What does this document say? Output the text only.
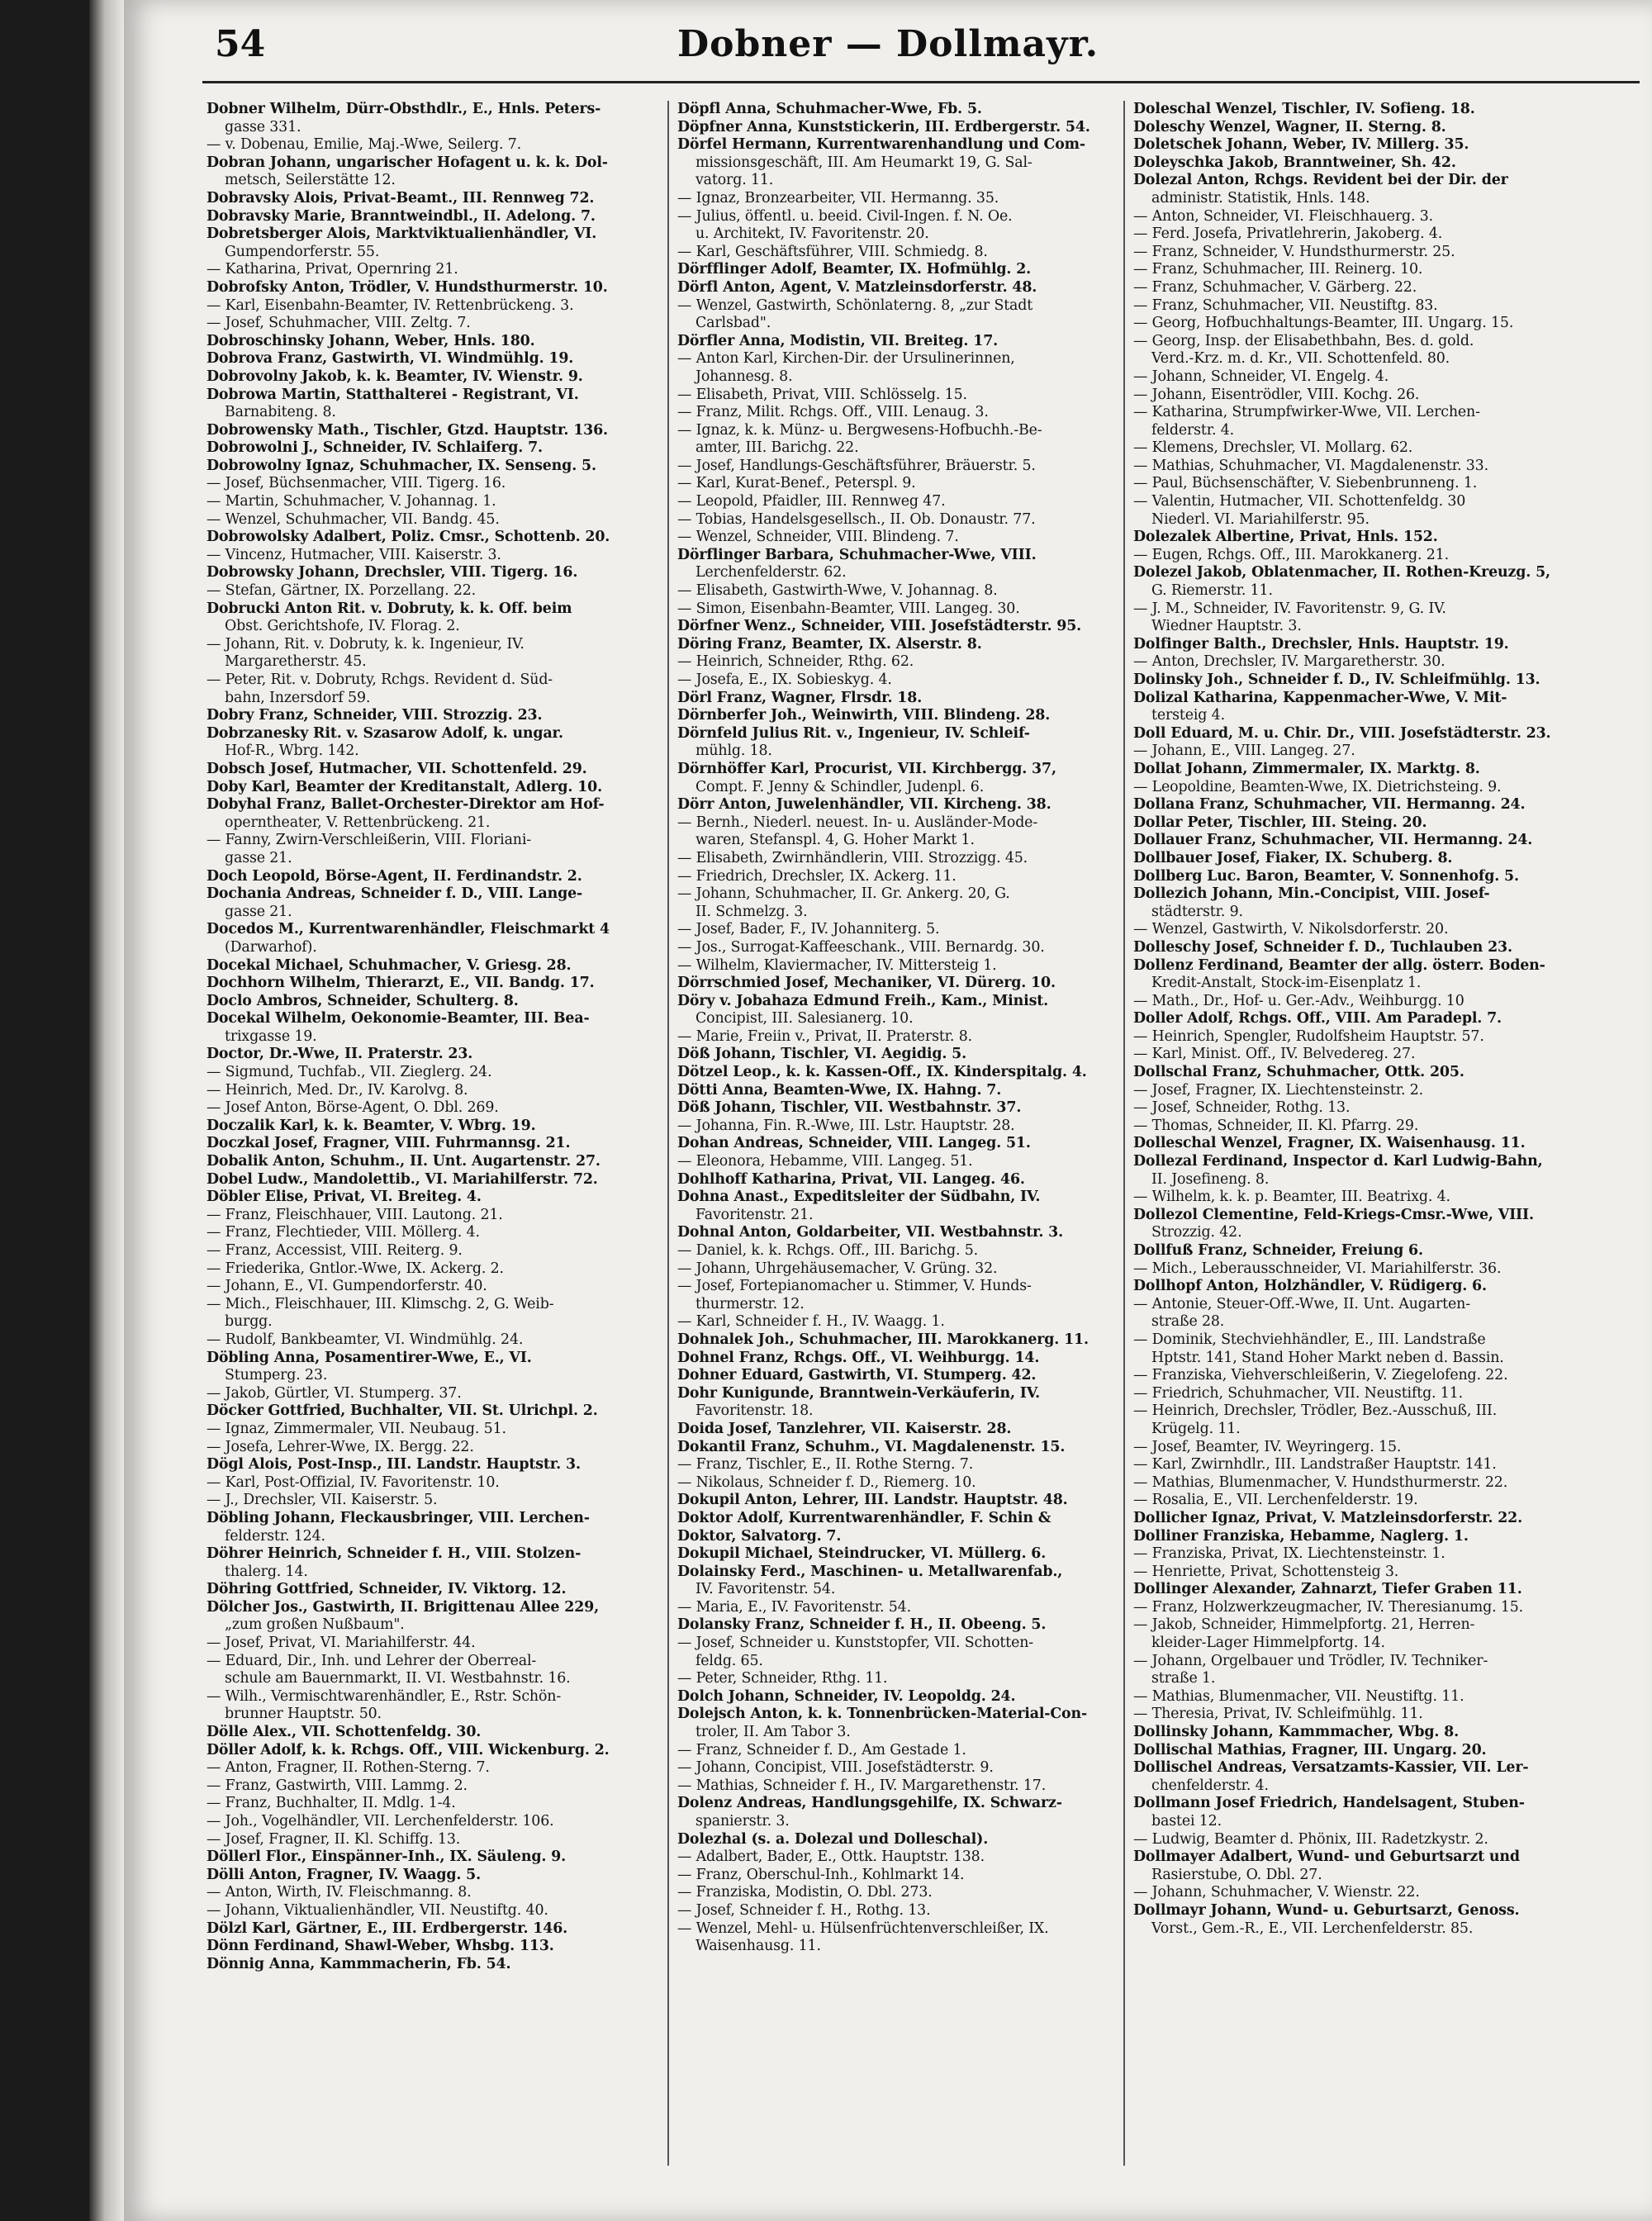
54	Dobner — Dollmayr.
Dobner Wilhelm, Dürr-Obsthdlr., E., Hnls. Peters-
gasse 331.
— v. Dobenau, Emilie, Maj.-Wwe, Seilerg. 7.
Dobran Johann, ungarischer Hofagent u. k. k. Dol-
metsch, Seilerstätte 12.
Dobravsky Alois, Privat-Beamt., III. Rennweg 72.
Dobravsky Marie, Branntweindbl., II. Adelong. 7.
Dobretsberger Alois, Marktviktualienhändler, VI.
Gumpendorferstr. 55.
— Katharina, Privat, Opernring 21.
Dobrofsky Anton, Trödler, V. Hundsthurmerstr. 10.
— Karl, Eisenbahn-Beamter, IV. Rettenbrückeng. 3.
— Josef, Schuhmacher, VIII. Zeltg. 7.
Dobroschinsky Johann, Weber, Hnls. 180.
Dobrova Franz, Gastwirth, VI. Windmühlg. 19.
Dobrovolny Jakob, k. k. Beamter, IV. Wienstr. 9.
Dobrowa Martin, Statthalterei - Registrant, VI.
Barnabiteng. 8.
Dobrowensky Math., Tischler, Gtzd. Hauptstr. 136.
Dobrowolni J., Schneider, IV. Schlaiferg. 7.
Dobrowolny Ignaz, Schuhmacher, IX. Senseng. 5.
— Josef, Büchsenmacher, VIII. Tigerg. 16.
— Martin, Schuhmacher, V. Johannag. 1.
— Wenzel, Schuhmacher, VII. Bandg. 45.
Dobrowolsky Adalbert, Poliz. Cmsr., Schottenb. 20.
— Vincenz, Hutmacher, VIII. Kaiserstr. 3.
Dobrowsky Johann, Drechsler, VIII. Tigerg. 16.
— Stefan, Gärtner, IX. Porzellang. 22.
Dobrucki Anton Rit. v. Dobruty, k. k. Off. beim
Obst. Gerichtshofe, IV. Florag. 2.
— Johann, Rit. v. Dobruty, k. k. Ingenieur, IV.
Margaretherstr. 45.
— Peter, Rit. v. Dobruty, Rchgs. Revident d. Süd-
bahn, Inzersdorf 59.
Dobry Franz, Schneider, VIII. Strozzig. 23.
Dobrzanesky Rit. v. Szasarow Adolf, k. ungar.
Hof-R., Wbrg. 142.
Dobsch Josef, Hutmacher, VII. Schottenfeld. 29.
Doby Karl, Beamter der Kreditanstalt, Adlerg. 10.
Dobyhal Franz, Ballet-Orchester-Direktor am Hof-
operntheater, V. Rettenbrückeng. 21.
— Fanny, Zwirn-Verschleißerin, VIII. Floriani-
gasse 21.
Doch Leopold, Börse-Agent, II. Ferdinandstr. 2.
Dochania Andreas, Schneider f. D., VIII. Lange-
gasse 21.
Docedos M., Kurrentwarenhändler, Fleischmarkt 4
(Darwarhof).
Docekal Michael, Schuhmacher, V. Griesg. 28.
Dochhorn Wilhelm, Thierarzt, E., VII. Bandg. 17.
Doclo Ambros, Schneider, Schulterg. 8.
Docekal Wilhelm, Oekonomie-Beamter, III. Bea-
trixgasse 19.
Doctor, Dr.-Wwe, II. Praterstr. 23.
— Sigmund, Tuchfab., VII. Zieglerg. 24.
— Heinrich, Med. Dr., IV. Karolvg. 8.
— Josef Anton, Börse-Agent, O. Dbl. 269.
Doczalik Karl, k. k. Beamter, V. Wbrg. 19.
Doczkal Josef, Fragner, VIII. Fuhrmannsg. 21.
Dobalik Anton, Schuhm., II. Unt. Augartenstr. 27.
Dobel Ludw., Mandolettib., VI. Mariahilferstr. 72.
Döbler Elise, Privat, VI. Breiteg. 4.
— Franz, Fleischhauer, VIII. Lautong. 21.
— Franz, Flechtieder, VIII. Möllerg. 4.
— Franz, Accessist, VIII. Reiterg. 9.
— Friederika, Gntlor.-Wwe, IX. Ackerg. 2.
— Johann, E., VI. Gumpendorferstr. 40.
— Mich., Fleischhauer, III. Klimschg. 2, G. Weib-
burgg.
— Rudolf, Bankbeamter, VI. Windmühlg. 24.
Döbling Anna, Posamentirer-Wwe, E., VI.
Stumperg. 23.
— Jakob, Gürtler, VI. Stumperg. 37.
Döcker Gottfried, Buchhalter, VII. St. Ulrichpl. 2.
— Ignaz, Zimmermaler, VII. Neubaug. 51.
— Josefa, Lehrer-Wwe, IX. Bergg. 22.
Dögl Alois, Post-Insp., III. Landstr. Hauptstr. 3.
— Karl, Post-Offizial, IV. Favoritenstr. 10.
— J., Drechsler, VII. Kaiserstr. 5.
Döbling Johann, Fleckausbringer, VIII. Lerchen-
felderstr. 124.
Döhrer Heinrich, Schneider f. H., VIII. Stolzen-
thalerg. 14.
Döhring Gottfried, Schneider, IV. Viktorg. 12.
Dölcher Jos., Gastwirth, II. Brigittenau Allee 229,
„zum großen Nußbaum".
— Josef, Privat, VI. Mariahilferstr. 44.
— Eduard, Dir., Inh. und Lehrer der Oberreal-
schule am Bauernmarkt, II. VI. Westbahnstr. 16.
— Wilh., Vermischtwarenhändler, E., Rstr. Schön-
brunner Hauptstr. 50.
Dölle Alex., VII. Schottenfeldg. 30.
Döller Adolf, k. k. Rchgs. Off., VIII. Wickenburg. 2.
— Anton, Fragner, II. Rothen-Sterng. 7.
— Franz, Gastwirth, VIII. Lammg. 2.
— Franz, Buchhalter, II. Mdlg. 1-4.
— Joh., Vogelhändler, VII. Lerchenfelderstr. 106.
— Josef, Fragner, II. Kl. Schiffg. 13.
Döllerl Flor., Einspänner-Inh., IX. Säuleng. 9.
Dölli Anton, Fragner, IV. Waagg. 5.
— Anton, Wirth, IV. Fleischmanng. 8.
— Johann, Viktualienhändler, VII. Neustiftg. 40.
Dölzl Karl, Gärtner, E., III. Erdbergerstr. 146.
Dönn Ferdinand, Shawl-Weber, Whsbg. 113.
Dönnig Anna, Kammmacherin, Fb. 54.
Döpfl Anna, Schuhmacher-Wwe, Fb. 5.
Döpfner Anna, Kunststickerin, III. Erdbergerstr. 54.
Dörfel Hermann, Kurrentwarenhandlung und Com-
missionsgeschäft, III. Am Heumarkt 19, G. Sal-
vatorg. 11.
— Ignaz, Bronzearbeiter, VII. Hermanng. 35.
— Julius, öffentl. u. beeid. Civil-Ingen. f. N. Oe.
u. Architekt, IV. Favoritenstr. 20.
— Karl, Geschäftsführer, VIII. Schmiedg. 8.
Dörfflinger Adolf, Beamter, IX. Hofmühlg. 2.
Dörfl Anton, Agent, V. Matzleinsdorferstr. 48.
— Wenzel, Gastwirth, Schönlaterng. 8, „zur Stadt
Carlsbad".
Dörfler Anna, Modistin, VII. Breiteg. 17.
— Anton Karl, Kirchen-Dir. der Ursulinerinnen,
Johannesg. 8.
— Elisabeth, Privat, VIII. Schlösselg. 15.
— Franz, Milit. Rchgs. Off., VIII. Lenaug. 3.
— Ignaz, k. k. Münz- u. Bergwesens-Hofbuchh.-Be-
amter, III. Barichg. 22.
— Josef, Handlungs-Geschäftsführer, Bräuerstr. 5.
— Karl, Kurat-Benef., Peterspl. 9.
— Leopold, Pfaidler, III. Rennweg 47.
— Tobias, Handelsgesellsch., II. Ob. Donaustr. 77.
— Wenzel, Schneider, VIII. Blindeng. 7.
Dörflinger Barbara, Schuhmacher-Wwe, VIII.
Lerchenfelderstr. 62.
— Elisabeth, Gastwirth-Wwe, V. Johannag. 8.
— Simon, Eisenbahn-Beamter, VIII. Langeg. 30.
Dörfner Wenz., Schneider, VIII. Josefstädterstr. 95.
Döring Franz, Beamter, IX. Alserstr. 8.
— Heinrich, Schneider, Rthg. 62.
— Josefa, E., IX. Sobieskyg. 4.
Dörl Franz, Wagner, Flrsdr. 18.
Dörnberfer Joh., Weinwirth, VIII. Blindeng. 28.
Dörnfeld Julius Rit. v., Ingenieur, IV. Schleif-
mühlg. 18.
Dörnhöffer Karl, Procurist, VII. Kirchbergg. 37,
Compt. F. Jenny & Schindler, Judenpl. 6.
Dörr Anton, Juwelenhändler, VII. Kircheng. 38.
— Bernh., Niederl. neuest. In- u. Ausländer-Mode-
waren, Stefanspl. 4, G. Hoher Markt 1.
— Elisabeth, Zwirnhändlerin, VIII. Strozzigg. 45.
— Friedrich, Drechsler, IX. Ackerg. 11.
— Johann, Schuhmacher, II. Gr. Ankerg. 20, G.
II. Schmelzg. 3.
— Josef, Bader, F., IV. Johanniterg. 5.
— Jos., Surrogat-Kaffeeschank., VIII. Bernardg. 30.
— Wilhelm, Klaviermacher, IV. Mittersteig 1.
Dörrschmied Josef, Mechaniker, VI. Dürerg. 10.
Döry v. Jobahaza Edmund Freih., Kam., Minist.
Concipist, III. Salesianerg. 10.
— Marie, Freiin v., Privat, II. Praterstr. 8.
Döß Johann, Tischler, VI. Aegidig. 5.
Dötzel Leop., k. k. Kassen-Off., IX. Kinderspitalg. 4.
Dötti Anna, Beamten-Wwe, IX. Hahng. 7.
Döß Johann, Tischler, VII. Westbahnstr. 37.
— Johanna, Fin. R.-Wwe, III. Lstr. Hauptstr. 28.
Dohan Andreas, Schneider, VIII. Langeg. 51.
— Eleonora, Hebamme, VIII. Langeg. 51.
Dohlhoff Katharina, Privat, VII. Langeg. 46.
Dohna Anast., Expeditsleiter der Südbahn, IV.
Favoritenstr. 21.
Dohnal Anton, Goldarbeiter, VII. Westbahnstr. 3.
— Daniel, k. k. Rchgs. Off., III. Barichg. 5.
— Johann, Uhrgehäusemacher, V. Grüng. 32.
— Josef, Fortepianomacher u. Stimmer, V. Hunds-
thurmerstr. 12.
— Karl, Schneider f. H., IV. Waagg. 1.
Dohnalek Joh., Schuhmacher, III. Marokkanerg. 11.
Dohnel Franz, Rchgs. Off., VI. Weihburgg. 14.
Dohner Eduard, Gastwirth, VI. Stumperg. 42.
Dohr Kunigunde, Branntwein-Verkäuferin, IV.
Favoritenstr. 18.
Doida Josef, Tanzlehrer, VII. Kaiserstr. 28.
Dokantil Franz, Schuhm., VI. Magdalenenstr. 15.
— Franz, Tischler, E., II. Rothe Sterng. 7.
— Nikolaus, Schneider f. D., Riemerg. 10.
Dokupil Anton, Lehrer, III. Landstr. Hauptstr. 48.
Doktor Adolf, Kurrentwarenhändler, F. Schin &
Doktor, Salvatorg. 7.
Dokupil Michael, Steindrucker, VI. Müllerg. 6.
Dolainsky Ferd., Maschinen- u. Metallwarenfab.,
IV. Favoritenstr. 54.
— Maria, E., IV. Favoritenstr. 54.
Dolansky Franz, Schneider f. H., II. Obeeng. 5.
— Josef, Schneider u. Kunststopfer, VII. Schotten-
feldg. 65.
— Peter, Schneider, Rthg. 11.
Dolch Johann, Schneider, IV. Leopoldg. 24.
Dolejsch Anton, k. k. Tonnenbrücken-Material-Con-
troler, II. Am Tabor 3.
— Franz, Schneider f. D., Am Gestade 1.
— Johann, Concipist, VIII. Josefstädterstr. 9.
— Mathias, Schneider f. H., IV. Margarethenstr. 17.
Dolenz Andreas, Handlungsgehilfe, IX. Schwarz-
spanierstr. 3.
Dolezhal (s. a. Dolezal und Dolleschal).
— Adalbert, Bader, E., Ottk. Hauptstr. 138.
— Franz, Oberschul-Inh., Kohlmarkt 14.
— Franziska, Modistin, O. Dbl. 273.
— Josef, Schneider f. H., Rothg. 13.
— Wenzel, Mehl- u. Hülsenfrüchtenverschleißer, IX.
Waisenhausg. 11.
Doleschal Wenzel, Tischler, IV. Sofieng. 18.
Doleschy Wenzel, Wagner, II. Sterng. 8.
Doletschek Johann, Weber, IV. Millerg. 35.
Doleyschka Jakob, Branntweiner, Sh. 42.
Dolezal Anton, Rchgs. Revident bei der Dir. der
administr. Statistik, Hnls. 148.
— Anton, Schneider, VI. Fleischhauerg. 3.
— Ferd. Josefa, Privatlehrerin, Jakoberg. 4.
— Franz, Schneider, V. Hundsthurmerstr. 25.
— Franz, Schuhmacher, III. Reinerg. 10.
— Franz, Schuhmacher, V. Gärberg. 22.
— Franz, Schuhmacher, VII. Neustiftg. 83.
— Georg, Hofbuchhaltungs-Beamter, III. Ungarg. 15.
— Georg, Insp. der Elisabethbahn, Bes. d. gold.
Verd.-Krz. m. d. Kr., VII. Schottenfeld. 80.
— Johann, Schneider, VI. Engelg. 4.
— Johann, Eisentrödler, VIII. Kochg. 26.
— Katharina, Strumpfwirker-Wwe, VII. Lerchen-
felderstr. 4.
— Klemens, Drechsler, VI. Mollarg. 62.
— Mathias, Schuhmacher, VI. Magdalenenstr. 33.
— Paul, Büchsenschäfter, V. Siebenbrunneng. 1.
— Valentin, Hutmacher, VII. Schottenfeldg. 30
Niederl. VI. Mariahilferstr. 95.
Dolezalek Albertine, Privat, Hnls. 152.
— Eugen, Rchgs. Off., III. Marokkanerg. 21.
Dolezel Jakob, Oblatenmacher, II. Rothen-Kreuzg. 5,
G. Riemerstr. 11.
— J. M., Schneider, IV. Favoritenstr. 9, G. IV.
Wiedner Hauptstr. 3.
Dolfinger Balth., Drechsler, Hnls. Hauptstr. 19.
— Anton, Drechsler, IV. Margaretherstr. 30.
Dolinsky Joh., Schneider f. D., IV. Schleifmühlg. 13.
Dolizal Katharina, Kappenmacher-Wwe, V. Mit-
tersteig 4.
Doll Eduard, M. u. Chir. Dr., VIII. Josefstädterstr. 23.
— Johann, E., VIII. Langeg. 27.
Dollat Johann, Zimmermaler, IX. Marktg. 8.
— Leopoldine, Beamten-Wwe, IX. Dietrichsteing. 9.
Dollana Franz, Schuhmacher, VII. Hermanng. 24.
Dollar Peter, Tischler, III. Steing. 20.
Dollauer Franz, Schuhmacher, VII. Hermanng. 24.
Dollbauer Josef, Fiaker, IX. Schuberg. 8.
Dollberg Luc. Baron, Beamter, V. Sonnenhofg. 5.
Dollezich Johann, Min.-Concipist, VIII. Josef-
städterstr. 9.
— Wenzel, Gastwirth, V. Nikolsdorferstr. 20.
Dolleschy Josef, Schneider f. D., Tuchlauben 23.
Dollenz Ferdinand, Beamter der allg. österr. Boden-
Kredit-Anstalt, Stock-im-Eisenplatz 1.
— Math., Dr., Hof- u. Ger.-Adv., Weihburgg. 10
Doller Adolf, Rchgs. Off., VIII. Am Paradepl. 7.
— Heinrich, Spengler, Rudolfsheim Hauptstr. 57.
— Karl, Minist. Off., IV. Belvedereg. 27.
Dollschal Franz, Schuhmacher, Ottk. 205.
— Josef, Fragner, IX. Liechtensteinstr. 2.
— Josef, Schneider, Rothg. 13.
— Thomas, Schneider, II. Kl. Pfarrg. 29.
Dolleschal Wenzel, Fragner, IX. Waisenhausg. 11.
Dollezal Ferdinand, Inspector d. Karl Ludwig-Bahn,
II. Josefineng. 8.
— Wilhelm, k. k. p. Beamter, III. Beatrixg. 4.
Dollezol Clementine, Feld-Kriegs-Cmsr.-Wwe, VIII.
Strozzig. 42.
Dollfuß Franz, Schneider, Freiung 6.
— Mich., Leberausschneider, VI. Mariahilferstr. 36.
Dollhopf Anton, Holzhändler, V. Rüdigerg. 6.
— Antonie, Steuer-Off.-Wwe, II. Unt. Augarten-
straße 28.
— Dominik, Stechviehhändler, E., III. Landstraße
Hptstr. 141, Stand Hoher Markt neben d. Bassin.
— Franziska, Viehverschleißerin, V. Ziegelofeng. 22.
— Friedrich, Schuhmacher, VII. Neustiftg. 11.
— Heinrich, Drechsler, Trödler, Bez.-Ausschuß, III.
Krügelg. 11.
— Josef, Beamter, IV. Weyringerg. 15.
— Karl, Zwirnhdlr., III. Landstraßer Hauptstr. 141.
— Mathias, Blumenmacher, V. Hundsthurmerstr. 22.
— Rosalia, E., VII. Lerchenfelderstr. 19.
Dollicher Ignaz, Privat, V. Matzleinsdorferstr. 22.
Dolliner Franziska, Hebamme, Naglerg. 1.
— Franziska, Privat, IX. Liechtensteinstr. 1.
— Henriette, Privat, Schottensteig 3.
Dollinger Alexander, Zahnarzt, Tiefer Graben 11.
— Franz, Holzwerkzeugmacher, IV. Theresianumg. 15.
— Jakob, Schneider, Himmelpfortg. 21, Herren-
kleider-Lager Himmelpfortg. 14.
— Johann, Orgelbauer und Trödler, IV. Techniker-
straße 1.
— Mathias, Blumenmacher, VII. Neustiftg. 11.
— Theresia, Privat, IV. Schleifmühlg. 11.
Dollinsky Johann, Kammmacher, Wbg. 8.
Dollischal Mathias, Fragner, III. Ungarg. 20.
Dollischel Andreas, Versatzamts-Kassier, VII. Ler-
chenfelderstr. 4.
Dollmann Josef Friedrich, Handelsagent, Stuben-
bastei 12.
— Ludwig, Beamter d. Phönix, III. Radetzkystr. 2.
Dollmayer Adalbert, Wund- und Geburtsarzt und
Rasierstube, O. Dbl. 27.
— Johann, Schuhmacher, V. Wienstr. 22.
Dollmayr Johann, Wund- u. Geburtsarzt, Genoss.
Vorst., Gem.-R., E., VII. Lerchenfelderstr. 85.
